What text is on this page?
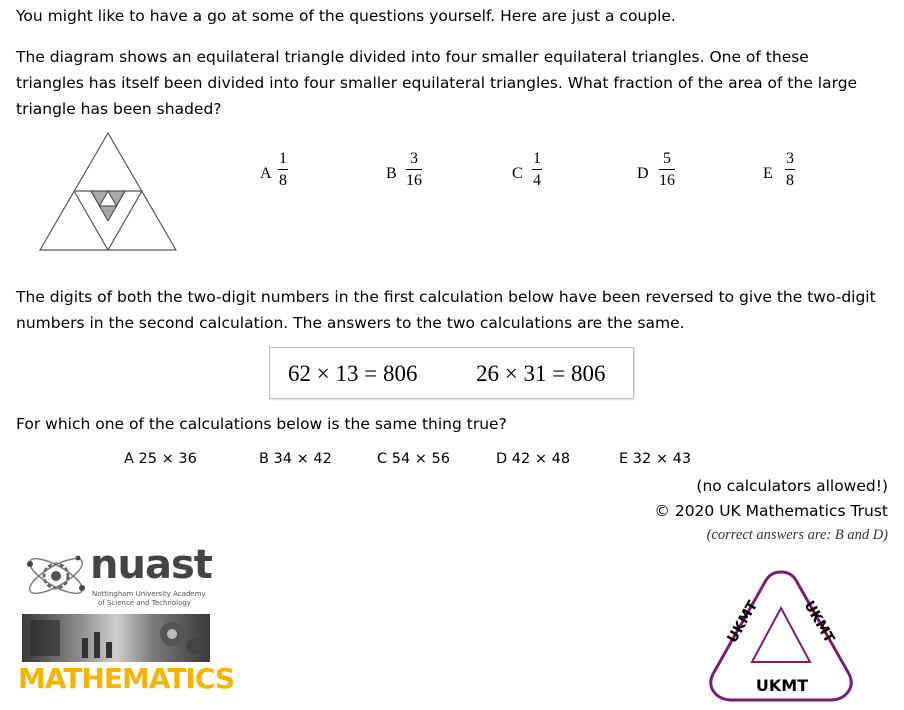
You might like to have a go at some of the questions yourself. Here are just a couple.

The diagram shows an equilateral triangle divided into four smaller equilateral triangles. One of these triangles has itself been divided into four smaller equilateral triangles. What fraction of the area of the large triangle has been shaded?

A
1
8	B
3
16	C
1
4	D
5
16	E
3
8

The digits of both the two-digit numbers in the first calculation below have been reversed to give the two-digit numbers in the second calculation. The answers to the two calculations are the same.

62 × 13 = 806	26 × 31 = 806

For which one of the calculations below is the same thing true?

A 25 × 36	B 34 × 42	C 54 × 56	D 42 × 48	E 32 × 43
(no calculators allowed!)
© 2020 UK Mathematics Trust
(correct answers are: B and D)
nuast
Nottingham University Academy
of Science and Technology
MATHEMATICS
UKMT	UKMT
UKMT
